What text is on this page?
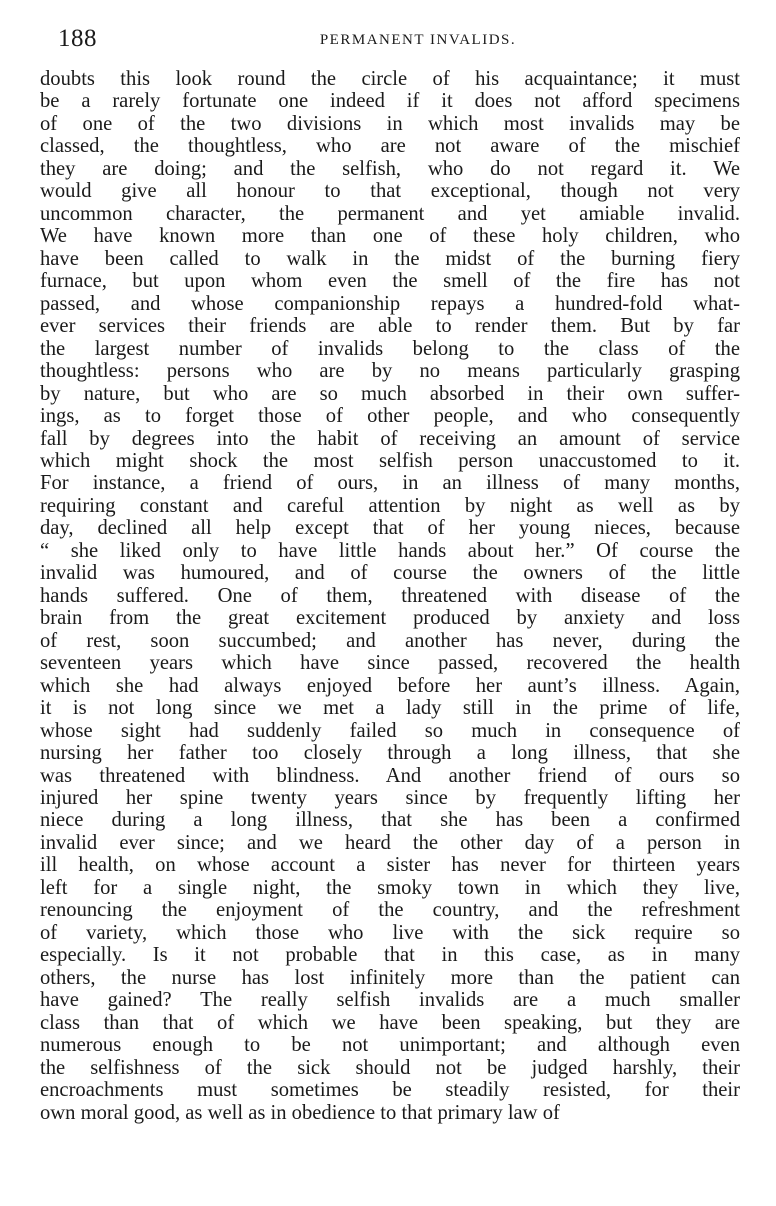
188	PERMANENT INVALIDS.
doubts this look round the circle of his acquaintance; it must
be a rarely fortunate one indeed if it does not afford specimens
of one of the two divisions in which most invalids may be
classed, the thoughtless, who are not aware of the mischief
they are doing; and the selfish, who do not regard it. We
would give all honour to that exceptional, though not very
uncommon character, the permanent and yet amiable invalid.
We have known more than one of these holy children, who
have been called to walk in the midst of the burning fiery
furnace, but upon whom even the smell of the fire has not
passed, and whose companionship repays a hundred-fold what-
ever services their friends are able to render them. But by far
the largest number of invalids belong to the class of the
thoughtless: persons who are by no means particularly grasping
by nature, but who are so much absorbed in their own suffer-
ings, as to forget those of other people, and who consequently
fall by degrees into the habit of receiving an amount of service
which might shock the most selfish person unaccustomed to it.
For instance, a friend of ours, in an illness of many months,
requiring constant and careful attention by night as well as by
day, declined all help except that of her young nieces, because
“ she liked only to have little hands about her.” Of course the
invalid was humoured, and of course the owners of the little
hands suffered. One of them, threatened with disease of the
brain from the great excitement produced by anxiety and loss
of rest, soon succumbed; and another has never, during the
seventeen years which have since passed, recovered the health
which she had always enjoyed before her aunt’s illness. Again,
it is not long since we met a lady still in the prime of life,
whose sight had suddenly failed so much in consequence of
nursing her father too closely through a long illness, that she
was threatened with blindness. And another friend of ours so
injured her spine twenty years since by frequently lifting her
niece during a long illness, that she has been a confirmed
invalid ever since; and we heard the other day of a person in
ill health, on whose account a sister has never for thirteen years
left for a single night, the smoky town in which they live,
renouncing the enjoyment of the country, and the refreshment
of variety, which those who live with the sick require so
especially. Is it not probable that in this case, as in many
others, the nurse has lost infinitely more than the patient can
have gained? The really selfish invalids are a much smaller
class than that of which we have been speaking, but they are
numerous enough to be not unimportant; and although even
the selfishness of the sick should not be judged harshly, their
encroachments must sometimes be steadily resisted, for their
own moral good, as well as in obedience to that primary law of
